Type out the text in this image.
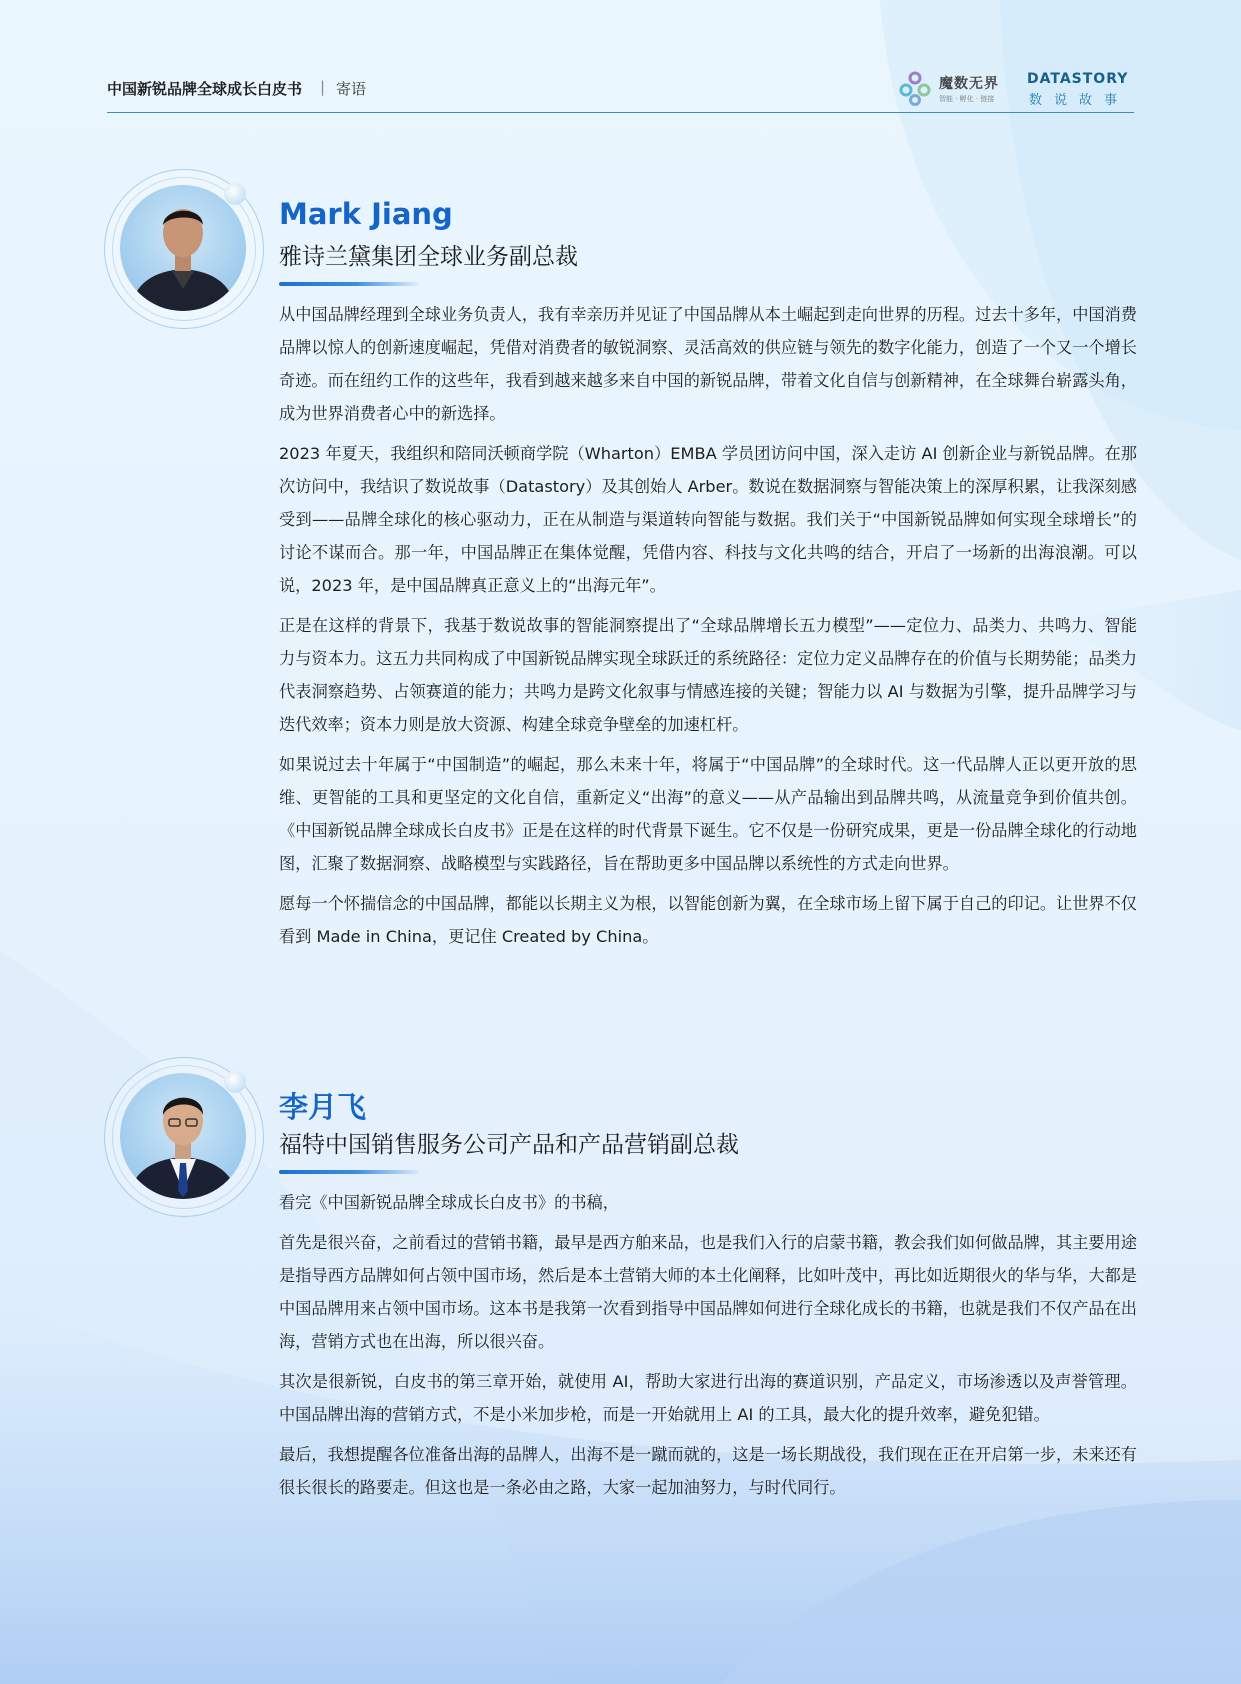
中国新锐品牌全球成长白皮书 | 寄语	魔数无界
智能 · 孵化 · 链接
DATASTORY
数说故事
Mark Jiang
雅诗兰黛集团全球业务副总裁

从中国品牌经理到全球业务负责人，我有幸亲历并见证了中国品牌从本土崛起到走向世界的历程。过去十多年，中国消费品牌以惊人的创新速度崛起，凭借对消费者的敏锐洞察、灵活高效的供应链与领先的数字化能力，创造了一个又一个增长奇迹。而在纽约工作的这些年，我看到越来越多来自中国的新锐品牌，带着文化自信与创新精神，在全球舞台崭露头角，成为世界消费者心中的新选择。

2023 年夏天，我组织和陪同沃顿商学院（Wharton）EMBA 学员团访问中国，深入走访 AI 创新企业与新锐品牌。在那次访问中，我结识了数说故事（Datastory）及其创始人 Arber。数说在数据洞察与智能决策上的深厚积累，让我深刻感受到——品牌全球化的核心驱动力，正在从制造与渠道转向智能与数据。我们关于“中国新锐品牌如何实现全球增长”的讨论不谋而合。那一年，中国品牌正在集体觉醒，凭借内容、科技与文化共鸣的结合，开启了一场新的出海浪潮。可以说，2023 年，是中国品牌真正意义上的“出海元年”。

正是在这样的背景下，我基于数说故事的智能洞察提出了“全球品牌增长五力模型”——定位力、品类力、共鸣力、智能力与资本力。这五力共同构成了中国新锐品牌实现全球跃迁的系统路径：定位力定义品牌存在的价值与长期势能；品类力代表洞察趋势、占领赛道的能力；共鸣力是跨文化叙事与情感连接的关键；智能力以 AI 与数据为引擎，提升品牌学习与迭代效率；资本力则是放大资源、构建全球竞争壁垒的加速杠杆。

如果说过去十年属于“中国制造”的崛起，那么未来十年，将属于“中国品牌”的全球时代。这一代品牌人正以更开放的思维、更智能的工具和更坚定的文化自信，重新定义“出海”的意义——从产品输出到品牌共鸣，从流量竞争到价值共创。《中国新锐品牌全球成长白皮书》正是在这样的时代背景下诞生。它不仅是一份研究成果，更是一份品牌全球化的行动地图，汇聚了数据洞察、战略模型与实践路径，旨在帮助更多中国品牌以系统性的方式走向世界。

愿每一个怀揣信念的中国品牌，都能以长期主义为根，以智能创新为翼，在全球市场上留下属于自己的印记。让世界不仅看到 Made in China，更记住 Created by China。

李月飞
福特中国销售服务公司产品和产品营销副总裁

看完《中国新锐品牌全球成长白皮书》的书稿，

首先是很兴奋，之前看过的营销书籍，最早是西方舶来品，也是我们入行的启蒙书籍，教会我们如何做品牌，其主要用途是指导西方品牌如何占领中国市场，然后是本土营销大师的本土化阐释，比如叶茂中，再比如近期很火的华与华，大都是中国品牌用来占领中国市场。这本书是我第一次看到指导中国品牌如何进行全球化成长的书籍，也就是我们不仅产品在出海，营销方式也在出海，所以很兴奋。

其次是很新锐，白皮书的第三章开始，就使用 AI，帮助大家进行出海的赛道识别，产品定义，市场渗透以及声誉管理。中国品牌出海的营销方式，不是小米加步枪，而是一开始就用上 AI 的工具，最大化的提升效率，避免犯错。

最后，我想提醒各位准备出海的品牌人，出海不是一蹴而就的，这是一场长期战役，我们现在正在开启第一步，未来还有很长很长的路要走。但这也是一条必由之路，大家一起加油努力，与时代同行。
